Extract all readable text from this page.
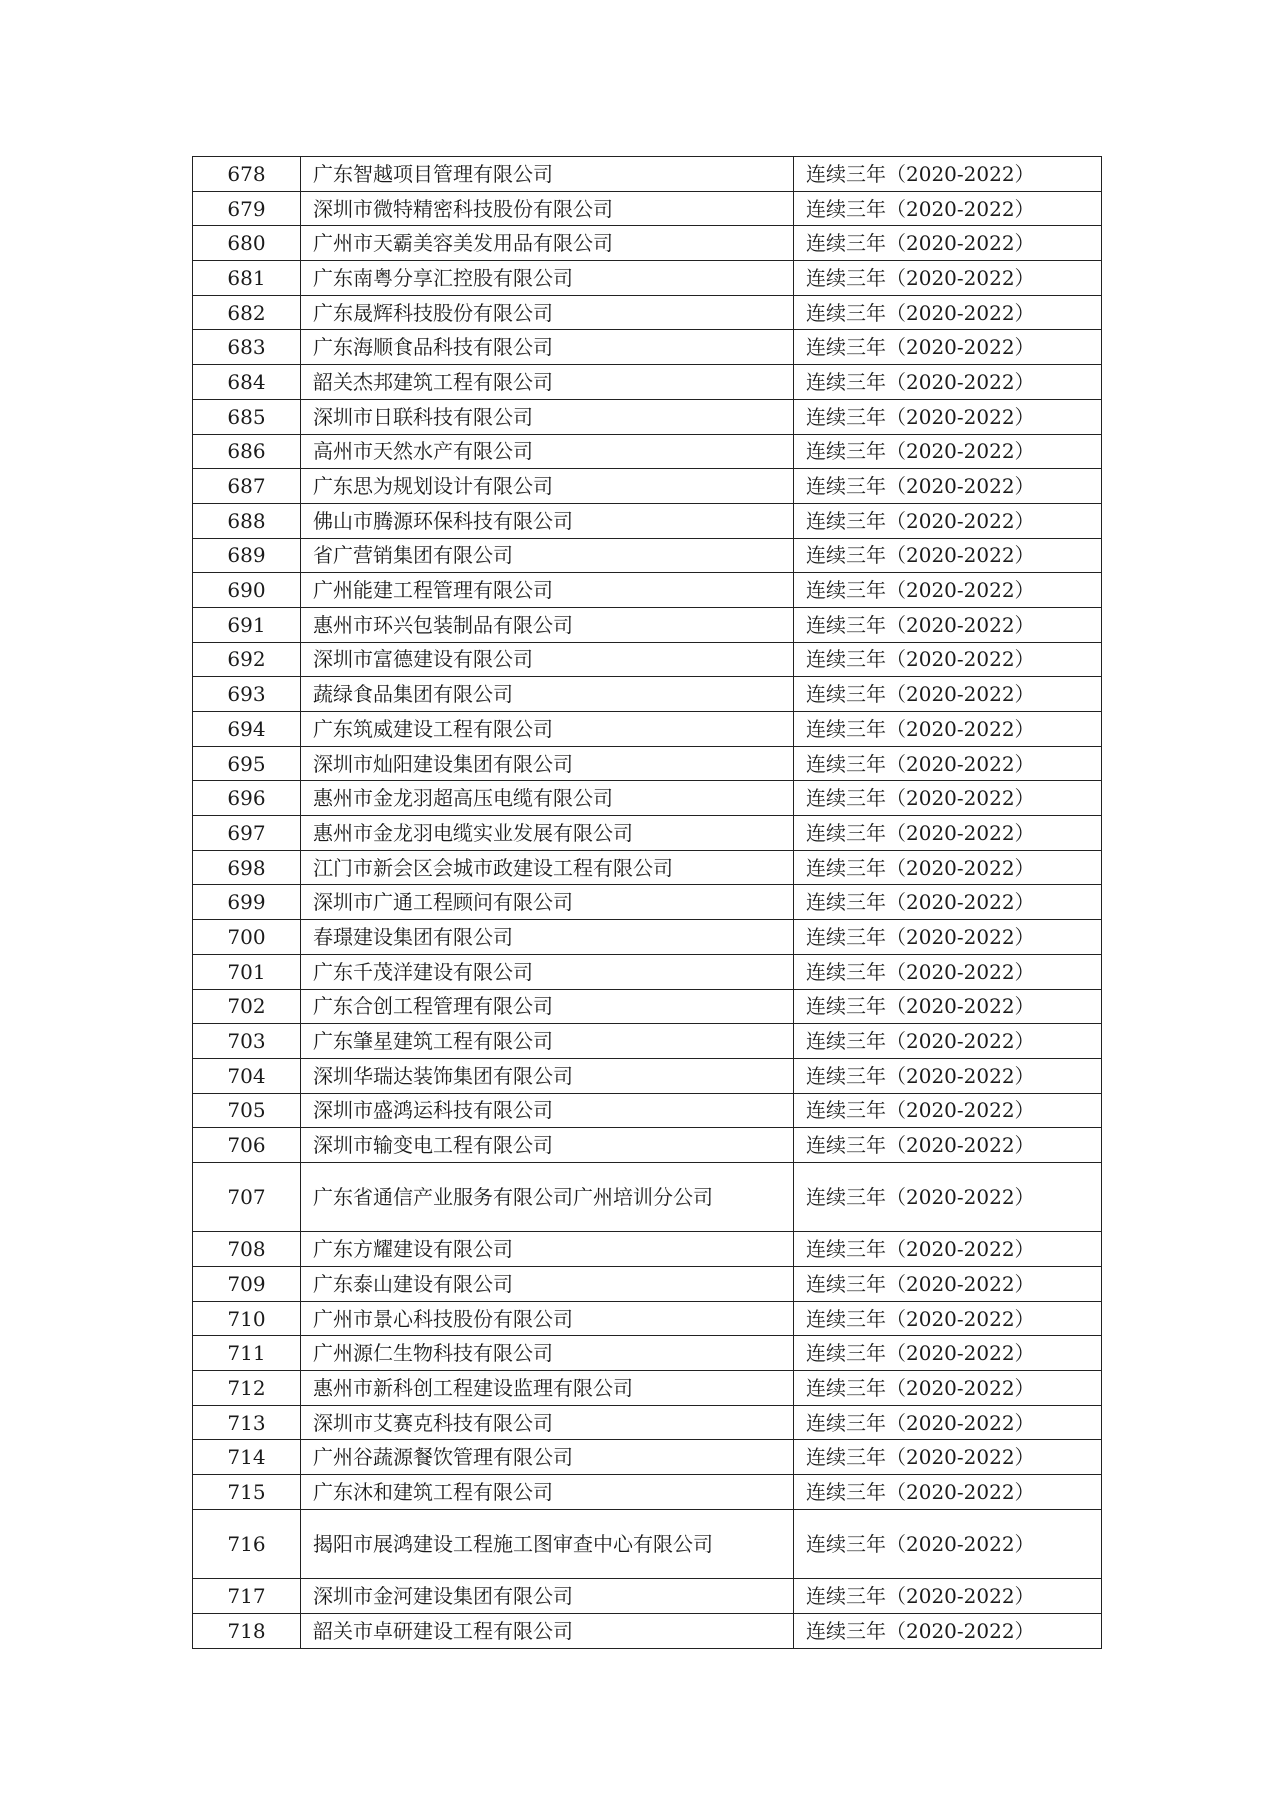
678	广东智越项目管理有限公司	连续三年（2020-2022）
679	深圳市微特精密科技股份有限公司	连续三年（2020-2022）
680	广州市天霸美容美发用品有限公司	连续三年（2020-2022）
681	广东南粤分享汇控股有限公司	连续三年（2020-2022）
682	广东晟辉科技股份有限公司	连续三年（2020-2022）
683	广东海顺食品科技有限公司	连续三年（2020-2022）
684	韶关杰邦建筑工程有限公司	连续三年（2020-2022）
685	深圳市日联科技有限公司	连续三年（2020-2022）
686	高州市天然水产有限公司	连续三年（2020-2022）
687	广东思为规划设计有限公司	连续三年（2020-2022）
688	佛山市腾源环保科技有限公司	连续三年（2020-2022）
689	省广营销集团有限公司	连续三年（2020-2022）
690	广州能建工程管理有限公司	连续三年（2020-2022）
691	惠州市环兴包装制品有限公司	连续三年（2020-2022）
692	深圳市富德建设有限公司	连续三年（2020-2022）
693	蔬绿食品集团有限公司	连续三年（2020-2022）
694	广东筑威建设工程有限公司	连续三年（2020-2022）
695	深圳市灿阳建设集团有限公司	连续三年（2020-2022）
696	惠州市金龙羽超高压电缆有限公司	连续三年（2020-2022）
697	惠州市金龙羽电缆实业发展有限公司	连续三年（2020-2022）
698	江门市新会区会城市政建设工程有限公司	连续三年（2020-2022）
699	深圳市广通工程顾问有限公司	连续三年（2020-2022）
700	春璟建设集团有限公司	连续三年（2020-2022）
701	广东千茂洋建设有限公司	连续三年（2020-2022）
702	广东合创工程管理有限公司	连续三年（2020-2022）
703	广东肇星建筑工程有限公司	连续三年（2020-2022）
704	深圳华瑞达装饰集团有限公司	连续三年（2020-2022）
705	深圳市盛鸿运科技有限公司	连续三年（2020-2022）
706	深圳市输变电工程有限公司	连续三年（2020-2022）
707	广东省通信产业服务有限公司广州培训分公司	连续三年（2020-2022）
708	广东方耀建设有限公司	连续三年（2020-2022）
709	广东泰山建设有限公司	连续三年（2020-2022）
710	广州市景心科技股份有限公司	连续三年（2020-2022）
711	广州源仁生物科技有限公司	连续三年（2020-2022）
712	惠州市新科创工程建设监理有限公司	连续三年（2020-2022）
713	深圳市艾赛克科技有限公司	连续三年（2020-2022）
714	广州谷蔬源餐饮管理有限公司	连续三年（2020-2022）
715	广东沐和建筑工程有限公司	连续三年（2020-2022）
716	揭阳市展鸿建设工程施工图审查中心有限公司	连续三年（2020-2022）
717	深圳市金河建设集团有限公司	连续三年（2020-2022）
718	韶关市卓研建设工程有限公司	连续三年（2020-2022）
